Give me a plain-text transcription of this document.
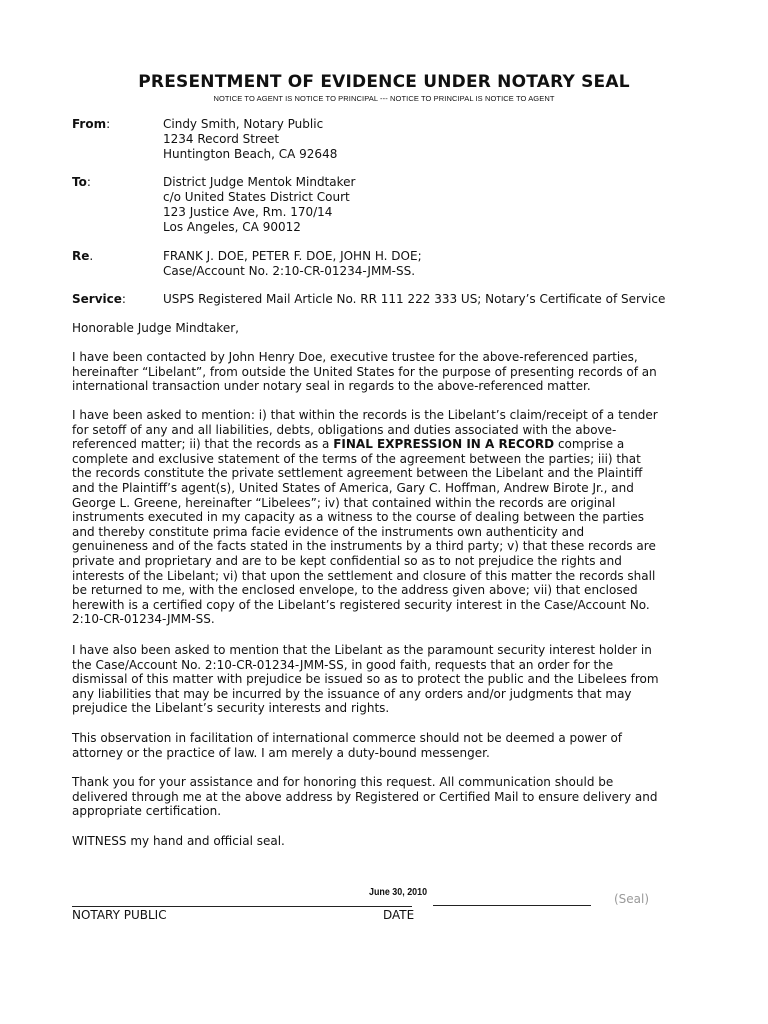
PRESENTMENT OF EVIDENCE UNDER NOTARY SEAL
NOTICE TO AGENT IS NOTICE TO PRINCIPAL --- NOTICE TO PRINCIPAL IS NOTICE TO AGENT
From:	Cindy Smith, Notary Public
1234 Record Street
Huntington Beach, CA 92648
To:	District Judge Mentok Mindtaker
c/o United States District Court
123 Justice Ave, Rm. 170/14
Los Angeles, CA 90012
Re.	FRANK J. DOE, PETER F. DOE, JOHN H. DOE;
Case/Account No. 2:10-CR-01234-JMM-SS.
Service:	USPS Registered Mail Article No. RR 111 222 333 US; Notary’s Certificate of Service
Honorable Judge Mindtaker,
I have been contacted by John Henry Doe, executive trustee for the above-referenced parties,
hereinafter “Libelant”, from outside the United States for the purpose of presenting records of an
international transaction under notary seal in regards to the above-referenced matter.
I have been asked to mention: i) that within the records is the Libelant’s claim/receipt of a tender
for setoff of any and all liabilities, debts, obligations and duties associated with the above-
referenced matter; ii) that the records as a FINAL EXPRESSION IN A RECORD comprise a
complete and exclusive statement of the terms of the agreement between the parties; iii) that
the records constitute the private settlement agreement between the Libelant and the Plaintiff
and the Plaintiff’s agent(s), United States of America, Gary C. Hoffman, Andrew Birote Jr., and
George L. Greene, hereinafter “Libelees”; iv) that contained within the records are original
instruments executed in my capacity as a witness to the course of dealing between the parties
and thereby constitute prima facie evidence of the instruments own authenticity and
genuineness and of the facts stated in the instruments by a third party; v) that these records are
private and proprietary and are to be kept confidential so as to not prejudice the rights and
interests of the Libelant; vi) that upon the settlement and closure of this matter the records shall
be returned to me, with the enclosed envelope, to the address given above; vii) that enclosed
herewith is a certified copy of the Libelant’s registered security interest in the Case/Account No.
2:10-CR-01234-JMM-SS.
I have also been asked to mention that the Libelant as the paramount security interest holder in
the Case/Account No. 2:10-CR-01234-JMM-SS, in good faith, requests that an order for the
dismissal of this matter with prejudice be issued so as to protect the public and the Libelees from
any liabilities that may be incurred by the issuance of any orders and/or judgments that may
prejudice the Libelant’s security interests and rights.
This observation in facilitation of international commerce should not be deemed a power of
attorney or the practice of law. I am merely a duty-bound messenger.
Thank you for your assistance and for honoring this request. All communication should be
delivered through me at the above address by Registered or Certified Mail to ensure delivery and
appropriate certification.
WITNESS my hand and official seal.
June 30, 2010
NOTARY PUBLIC	DATE
(Seal)
